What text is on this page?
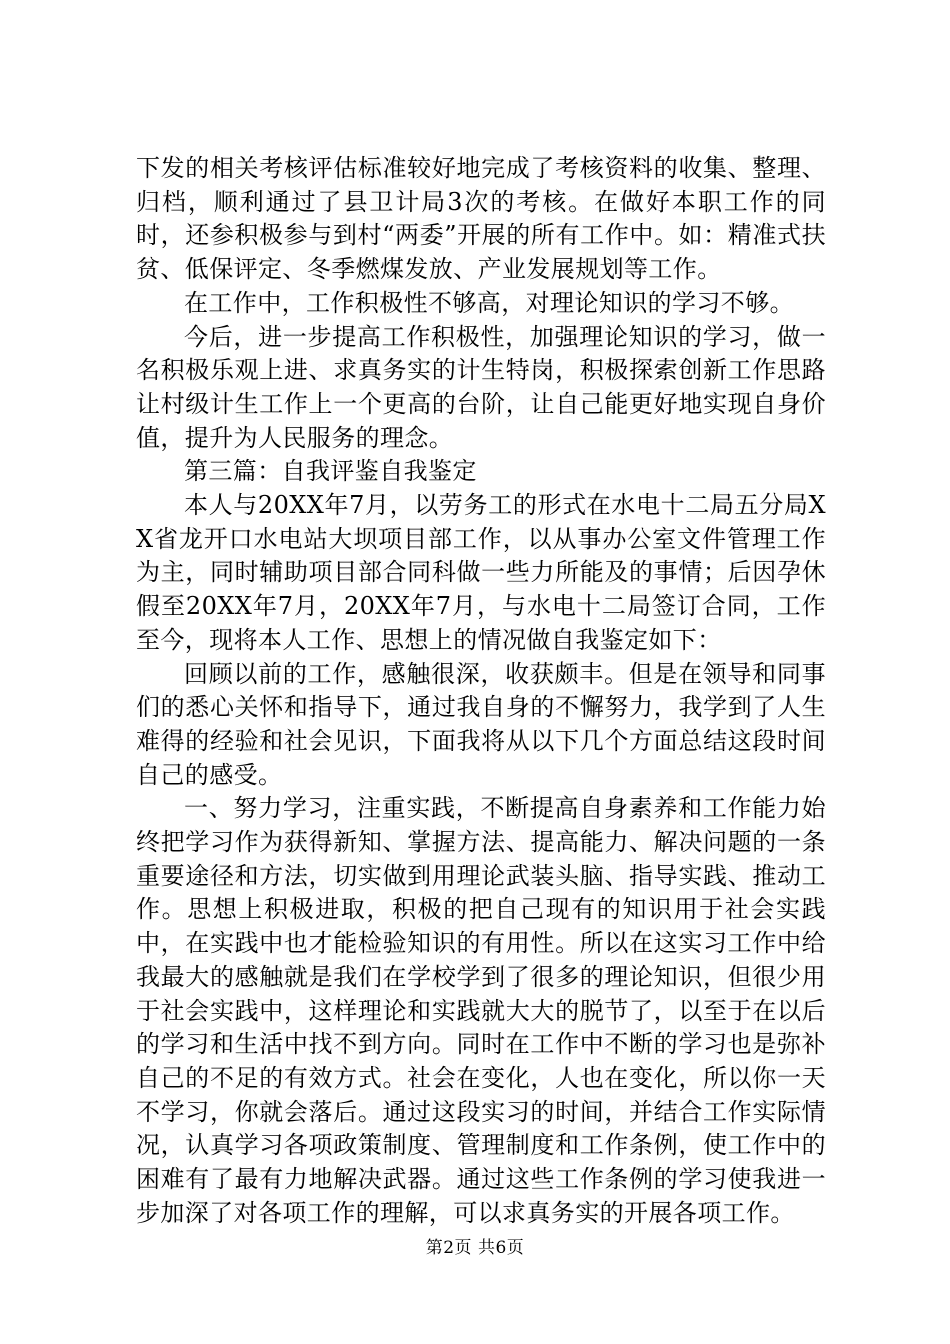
下发的相关考核评估标准较好地完成了考核资料的收集、整理、归档，顺利通过了县卫计局3次的考核。在做好本职工作的同时，还参积极参与到村“两委”开展的所有工作中。如：精准式扶贫、低保评定、冬季燃煤发放、产业发展规划等工作。

在工作中，工作积极性不够高，对理论知识的学习不够。

今后，进一步提高工作积极性，加强理论知识的学习，做一名积极乐观上进、求真务实的计生特岗，积极探索创新工作思路让村级计生工作上一个更高的台阶，让自己能更好地实现自身价值，提升为人民服务的理念。

第三篇：自我评鉴自我鉴定

本人与20XX年7月，以劳务工的形式在水电十二局五分局XX省龙开口水电站大坝项目部工作，以从事办公室文件管理工作为主，同时辅助项目部合同科做一些力所能及的事情；后因孕休假至20XX年7月，20XX年7月，与水电十二局签订合同，工作至今，现将本人工作、思想上的情况做自我鉴定如下：

回顾以前的工作，感触很深，收获颇丰。但是在领导和同事们的悉心关怀和指导下，通过我自身的不懈努力，我学到了人生难得的经验和社会见识，下面我将从以下几个方面总结这段时间自己的感受。

一、努力学习，注重实践，不断提高自身素养和工作能力始终把学习作为获得新知、掌握方法、提高能力、解决问题的一条重要途径和方法，切实做到用理论武装头脑、指导实践、推动工作。思想上积极进取，积极的把自己现有的知识用于社会实践中，在实践中也才能检验知识的有用性。所以在这实习工作中给我最大的感触就是我们在学校学到了很多的理论知识，但很少用于社会实践中，这样理论和实践就大大的脱节了，以至于在以后的学习和生活中找不到方向。同时在工作中不断的学习也是弥补自己的不足的有效方式。社会在变化，人也在变化，所以你一天不学习，你就会落后。通过这段实习的时间，并结合工作实际情况，认真学习各项政策制度、管理制度和工作条例，使工作中的困难有了最有力地解决武器。通过这些工作条例的学习使我进一步加深了对各项工作的理解，可以求真务实的开展各项工作。

第2页 共6页
